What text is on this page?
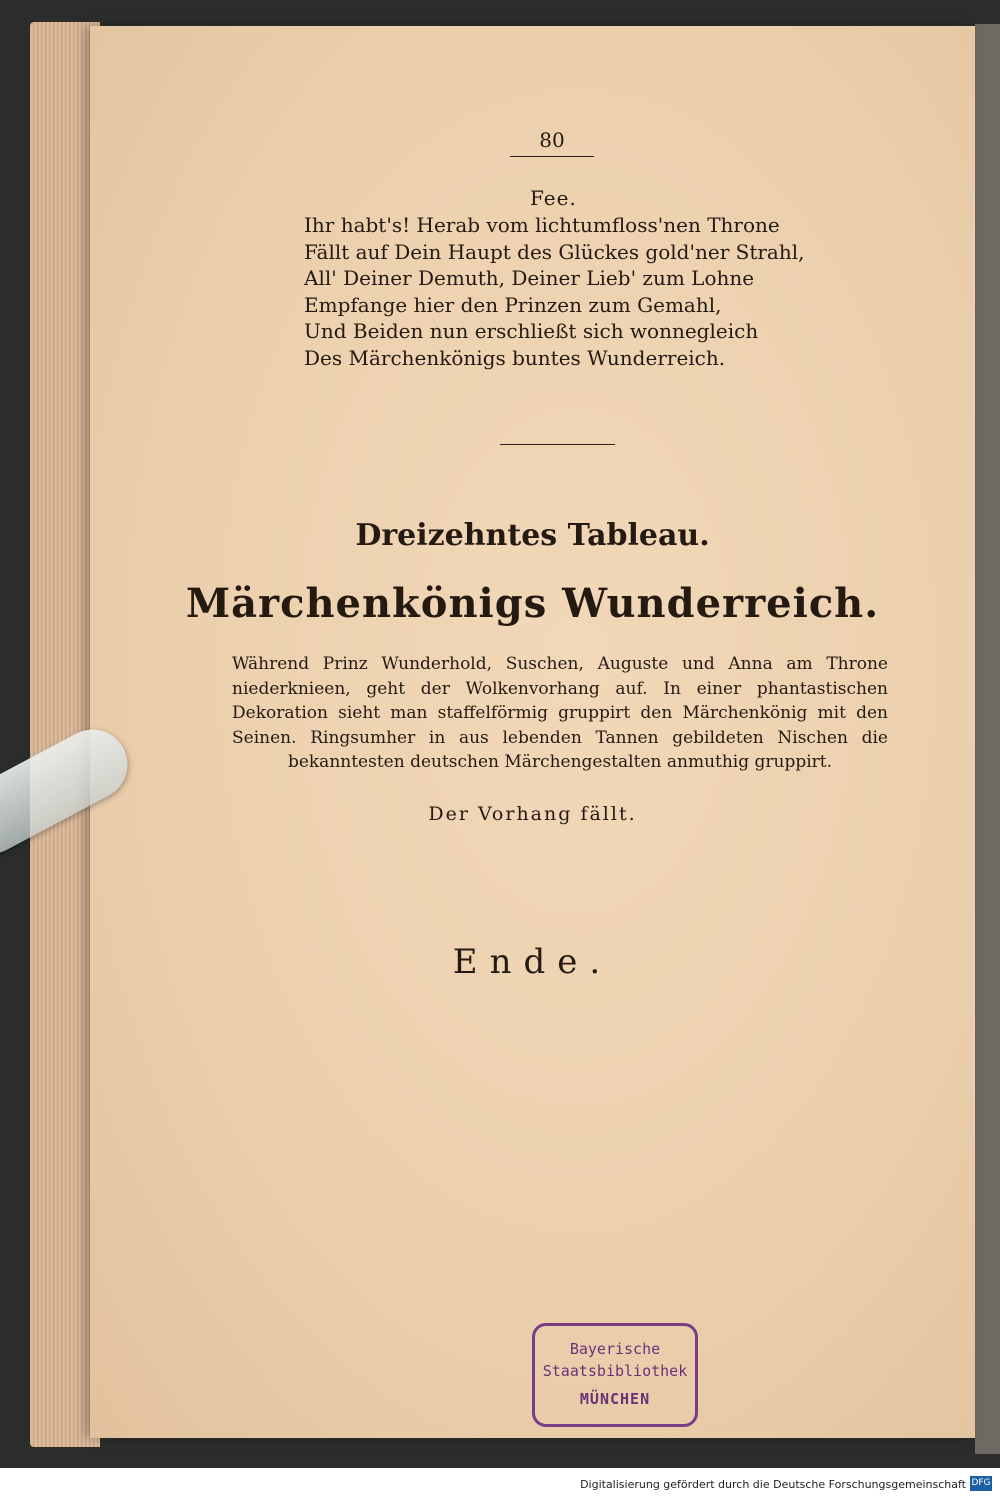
80
Fee.
Ihr habt's! Herab vom lichtumfloss'nen Throne
Fällt auf Dein Haupt des Glückes gold'ner Strahl,
All' Deiner Demuth, Deiner Lieb' zum Lohne
Empfange hier den Prinzen zum Gemahl,
Und Beiden nun erschließt sich wonnegleich
Des Märchenkönigs buntes Wunderreich.
Dreizehntes Tableau.
Märchenkönigs Wunderreich.
Während Prinz Wunderhold, Suschen, Auguste und Anna am Throne niederknieen, geht der Wolkenvorhang auf. In einer phantastischen Dekoration sieht man staffelförmig gruppirt den Märchenkönig mit den Seinen. Ringsumher in aus lebenden Tannen gebildeten Nischen die bekanntesten deutschen Märchengestalten anmuthig gruppirt.
Der Vorhang fällt.
Ende.
Bayerische
Staatsbibliothek
MÜNCHEN
Digitalisierung gefördert durch die Deutsche Forschungsgemeinschaft DFG
